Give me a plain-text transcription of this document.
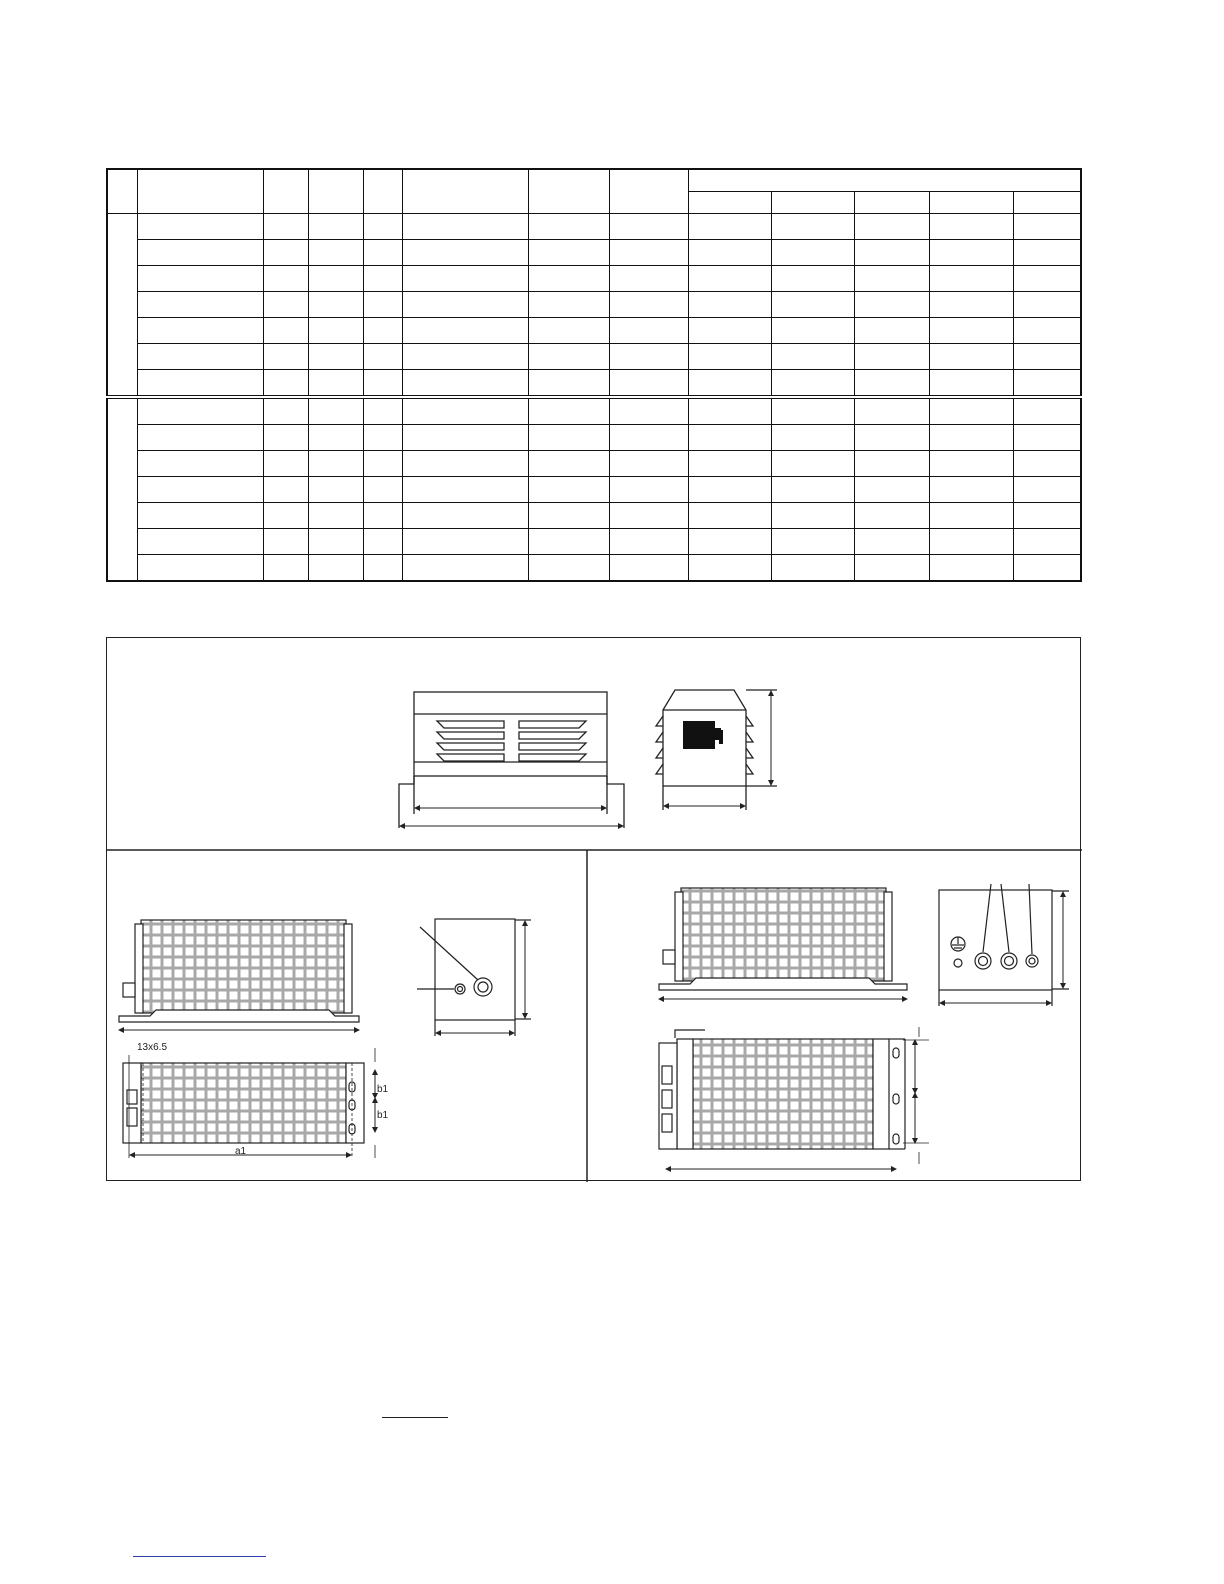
13x6.5
b1
b1
a1
